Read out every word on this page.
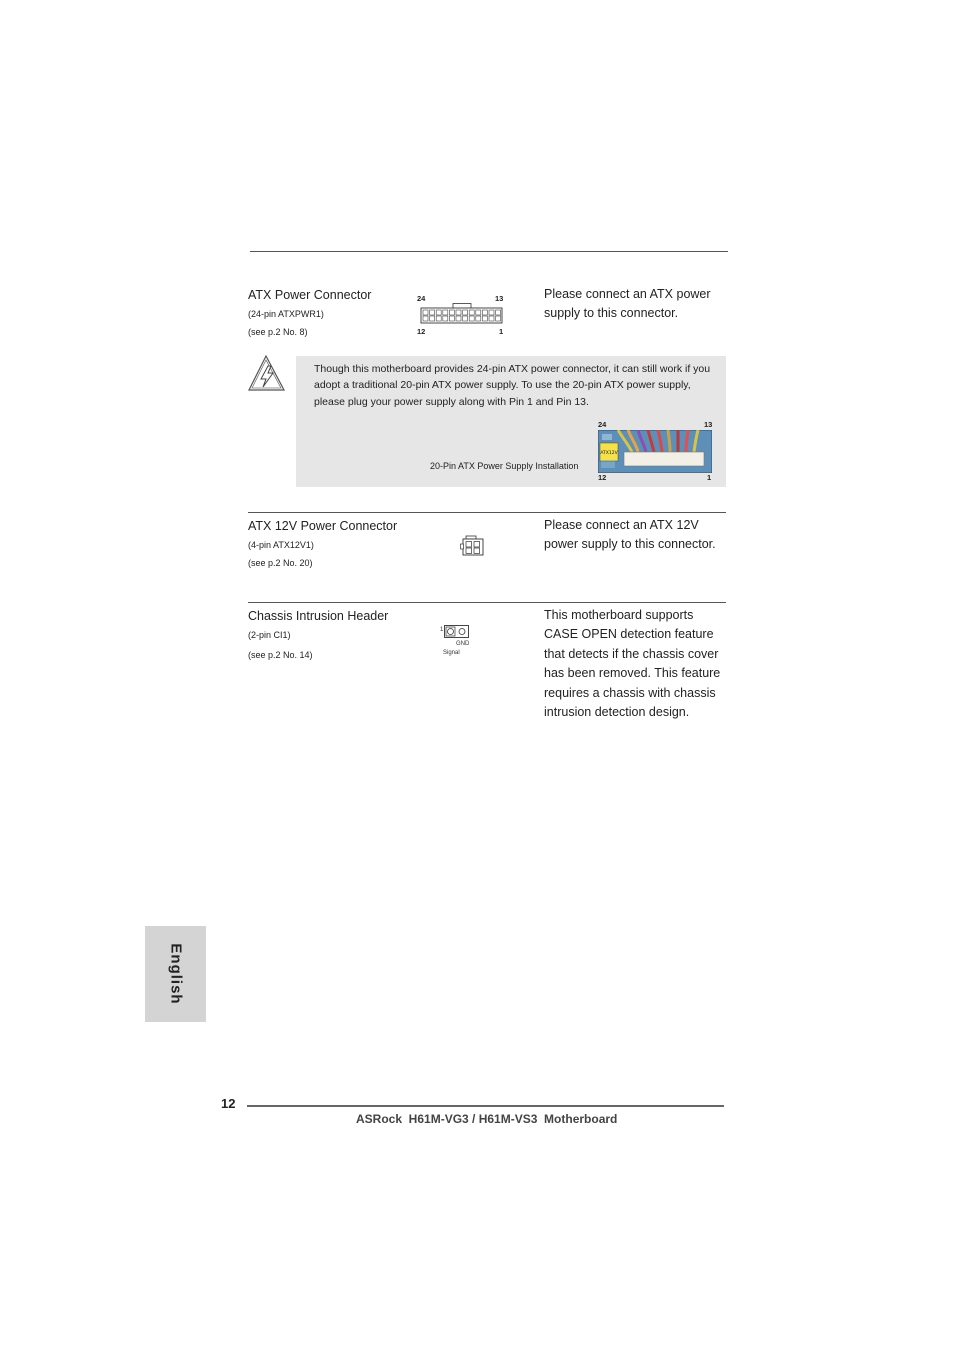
ATX Power Connector
(24-pin ATXPWR1)
(see p.2 No. 8)
24	13
12	1
Please connect an ATX power supply to this connector.
Though this motherboard provides 24-pin ATX power connector, it can still work if you adopt a traditional 20-pin ATX power supply. To use the 20-pin ATX power supply, please plug your power supply along with Pin 1 and Pin 13.
20-Pin ATX Power Supply Installation
24	13
12	1
ATX12V
ATX 12V Power Connector
(4-pin ATX12V1)
(see p.2 No. 20)
Please connect an ATX 12V power supply to this connector.
Chassis Intrusion Header
(2-pin CI1)
(see p.2 No. 14)
1
GND
Signal
This motherboard supports CASE OPEN detection feature that detects if the chassis cover has been removed. This feature requires a chassis with chassis intrusion detection design.
English
12
ASRock  H61M-VG3 / H61M-VS3  Motherboard
